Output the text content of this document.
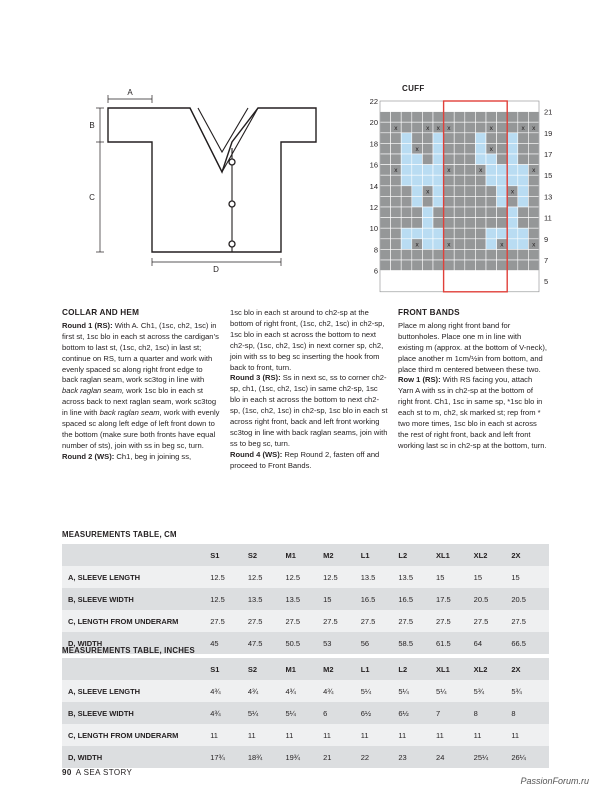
A
B
C
D
CUFF
x	x x x	x	x x
x	x
x	x	x	x
x	x
x	x	x	x
22
20
18
16
14
12
10
8
6
21
19
17
15
13
11
9
7
5

COLLAR AND HEM

Round 1 (RS): With A. Ch1, (1sc, ch2, 1sc) in first st, 1sc blo in each st across the cardigan’s bottom to last st, (1sc, ch2, 1sc) in last st; continue on RS, turn a quarter and work with evenly spaced sc along right front edge to back raglan seam, work sc3tog in line with back raglan seam, work 1sc blo in each st across back to next raglan seam, work sc3tog in line with back raglan seam, work with evenly spaced sc along left edge of left front down to the bottom (make sure both fronts have equal number of sts), join with ss in beg sc, turn.
Round 2 (WS): Ch1, beg in joining ss,

1sc blo in each st around to ch2-sp at the bottom of right front, (1sc, ch2, 1sc) in ch2-sp, 1sc blo in each st across the bottom to next ch2-sp, (1sc, ch2, 1sc) in next corner sp, ch2, join with ss to beg sc inserting the hook from back to front, turn.
Round 3 (RS): Ss in next sc, ss to corner ch2-sp, ch1, (1sc, ch2, 1sc) in same ch2-sp, 1sc blo in each st across the bottom to next ch2-sp, (1sc, ch2, 1sc) in ch2-sp, 1sc blo in each st across right front, back and left front working sc3tog in line with back raglan seams, join with ss to beg sc, turn.
Round 4 (WS): Rep Round 2, fasten off and proceed to Front Bands.

FRONT BANDS

Place m along right front band for buttonholes. Place one m in line with existing m (approx. at the bottom of V-neck), place another m 1cm/½in from bottom, and place third m centered between these two.
Row 1 (RS): With RS facing you, attach Yarn A with ss in ch2-sp at the bottom of right front. Ch1, 1sc in same sp, *1sc blo in each st to m, ch2, sk marked st; rep from * two more times, 1sc blo in each st across the rest of right front, back and left front working last sc in ch2-sp at the bottom, turn.

MEASUREMENTS TABLE, CM
	S1	S2	M1	M2	L1	L2	XL1	XL2	2X
A, SLEEVE LENGTH	12.5	12.5	12.5	12.5	13.5	13.5	15	15	15
B, SLEEVE WIDTH	12.5	13.5	13.5	15	16.5	16.5	17.5	20.5	20.5
C, LENGTH FROM UNDERARM	27.5	27.5	27.5	27.5	27.5	27.5	27.5	27.5	27.5
D, WIDTH	45	47.5	50.5	53	56	58.5	61.5	64	66.5
MEASUREMENTS TABLE, INCHES
	S1	S2	M1	M2	L1	L2	XL1	XL2	2X
A, SLEEVE LENGTH	4¾	4¾	4¾	4¾	5¼	5¼	5¼	5¾	5¾
B, SLEEVE WIDTH	4¾	5¼	5¼	6	6½	6½	7	8	8
C, LENGTH FROM UNDERARM	11	11	11	11	11	11	11	11	11
D, WIDTH	17¾	18¾	19¾	21	22	23	24	25¼	26¼
90 A SEA STORY
PassionForum.ru
